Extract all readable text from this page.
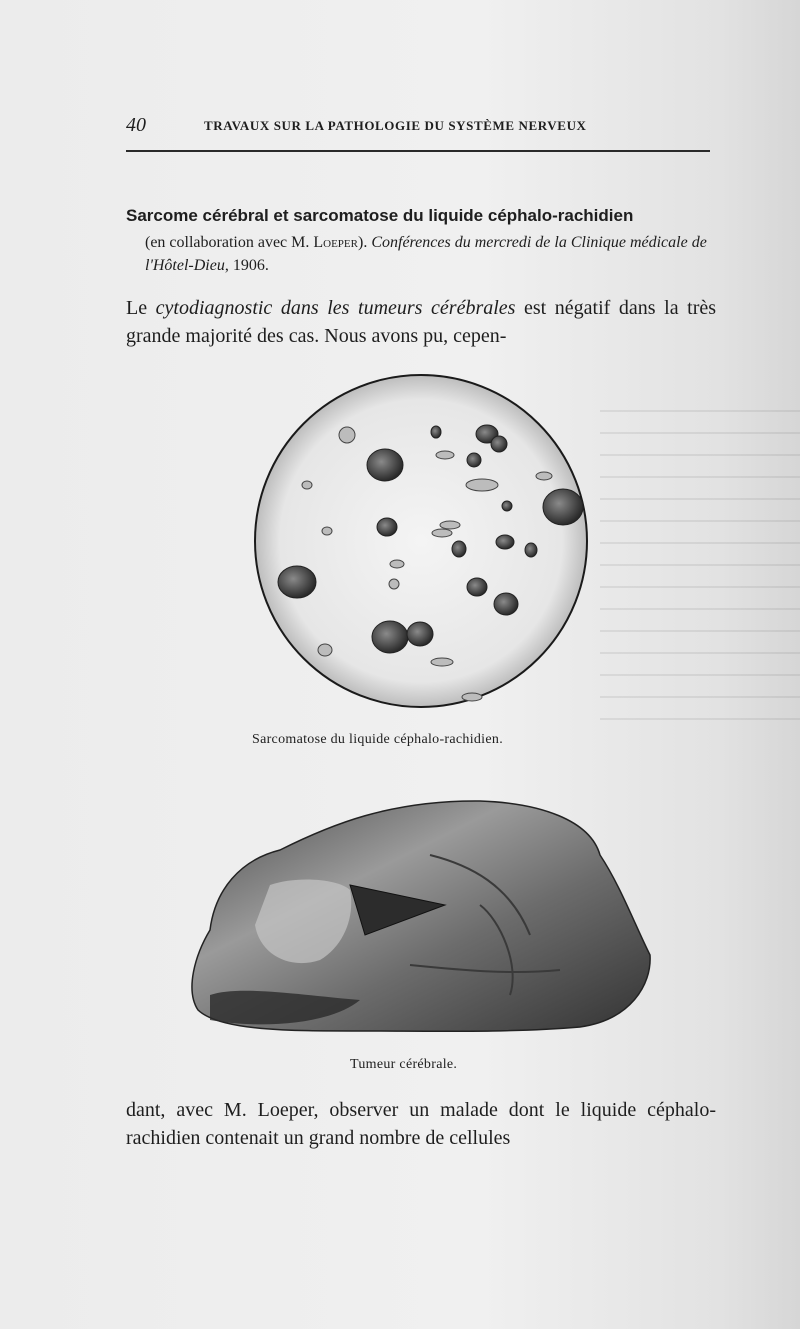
40	TRAVAUX SUR LA PATHOLOGIE DU SYSTÈME NERVEUX
Sarcome cérébral et sarcomatose du liquide céphalo-rachidien
(en collaboration avec M. Loeper). Conférences du mercredi de la Clinique médicale de l'Hôtel-Dieu, 1906.
Le cytodiagnostic dans les tumeurs cérébrales est négatif dans la très grande majorité des cas. Nous avons pu, cepen-
Sarcomatose du liquide céphalo-rachidien.
Tumeur cérébrale.
dant, avec M. Loeper, observer un malade dont le liquide céphalo-rachidien contenait un grand nombre de cellules
